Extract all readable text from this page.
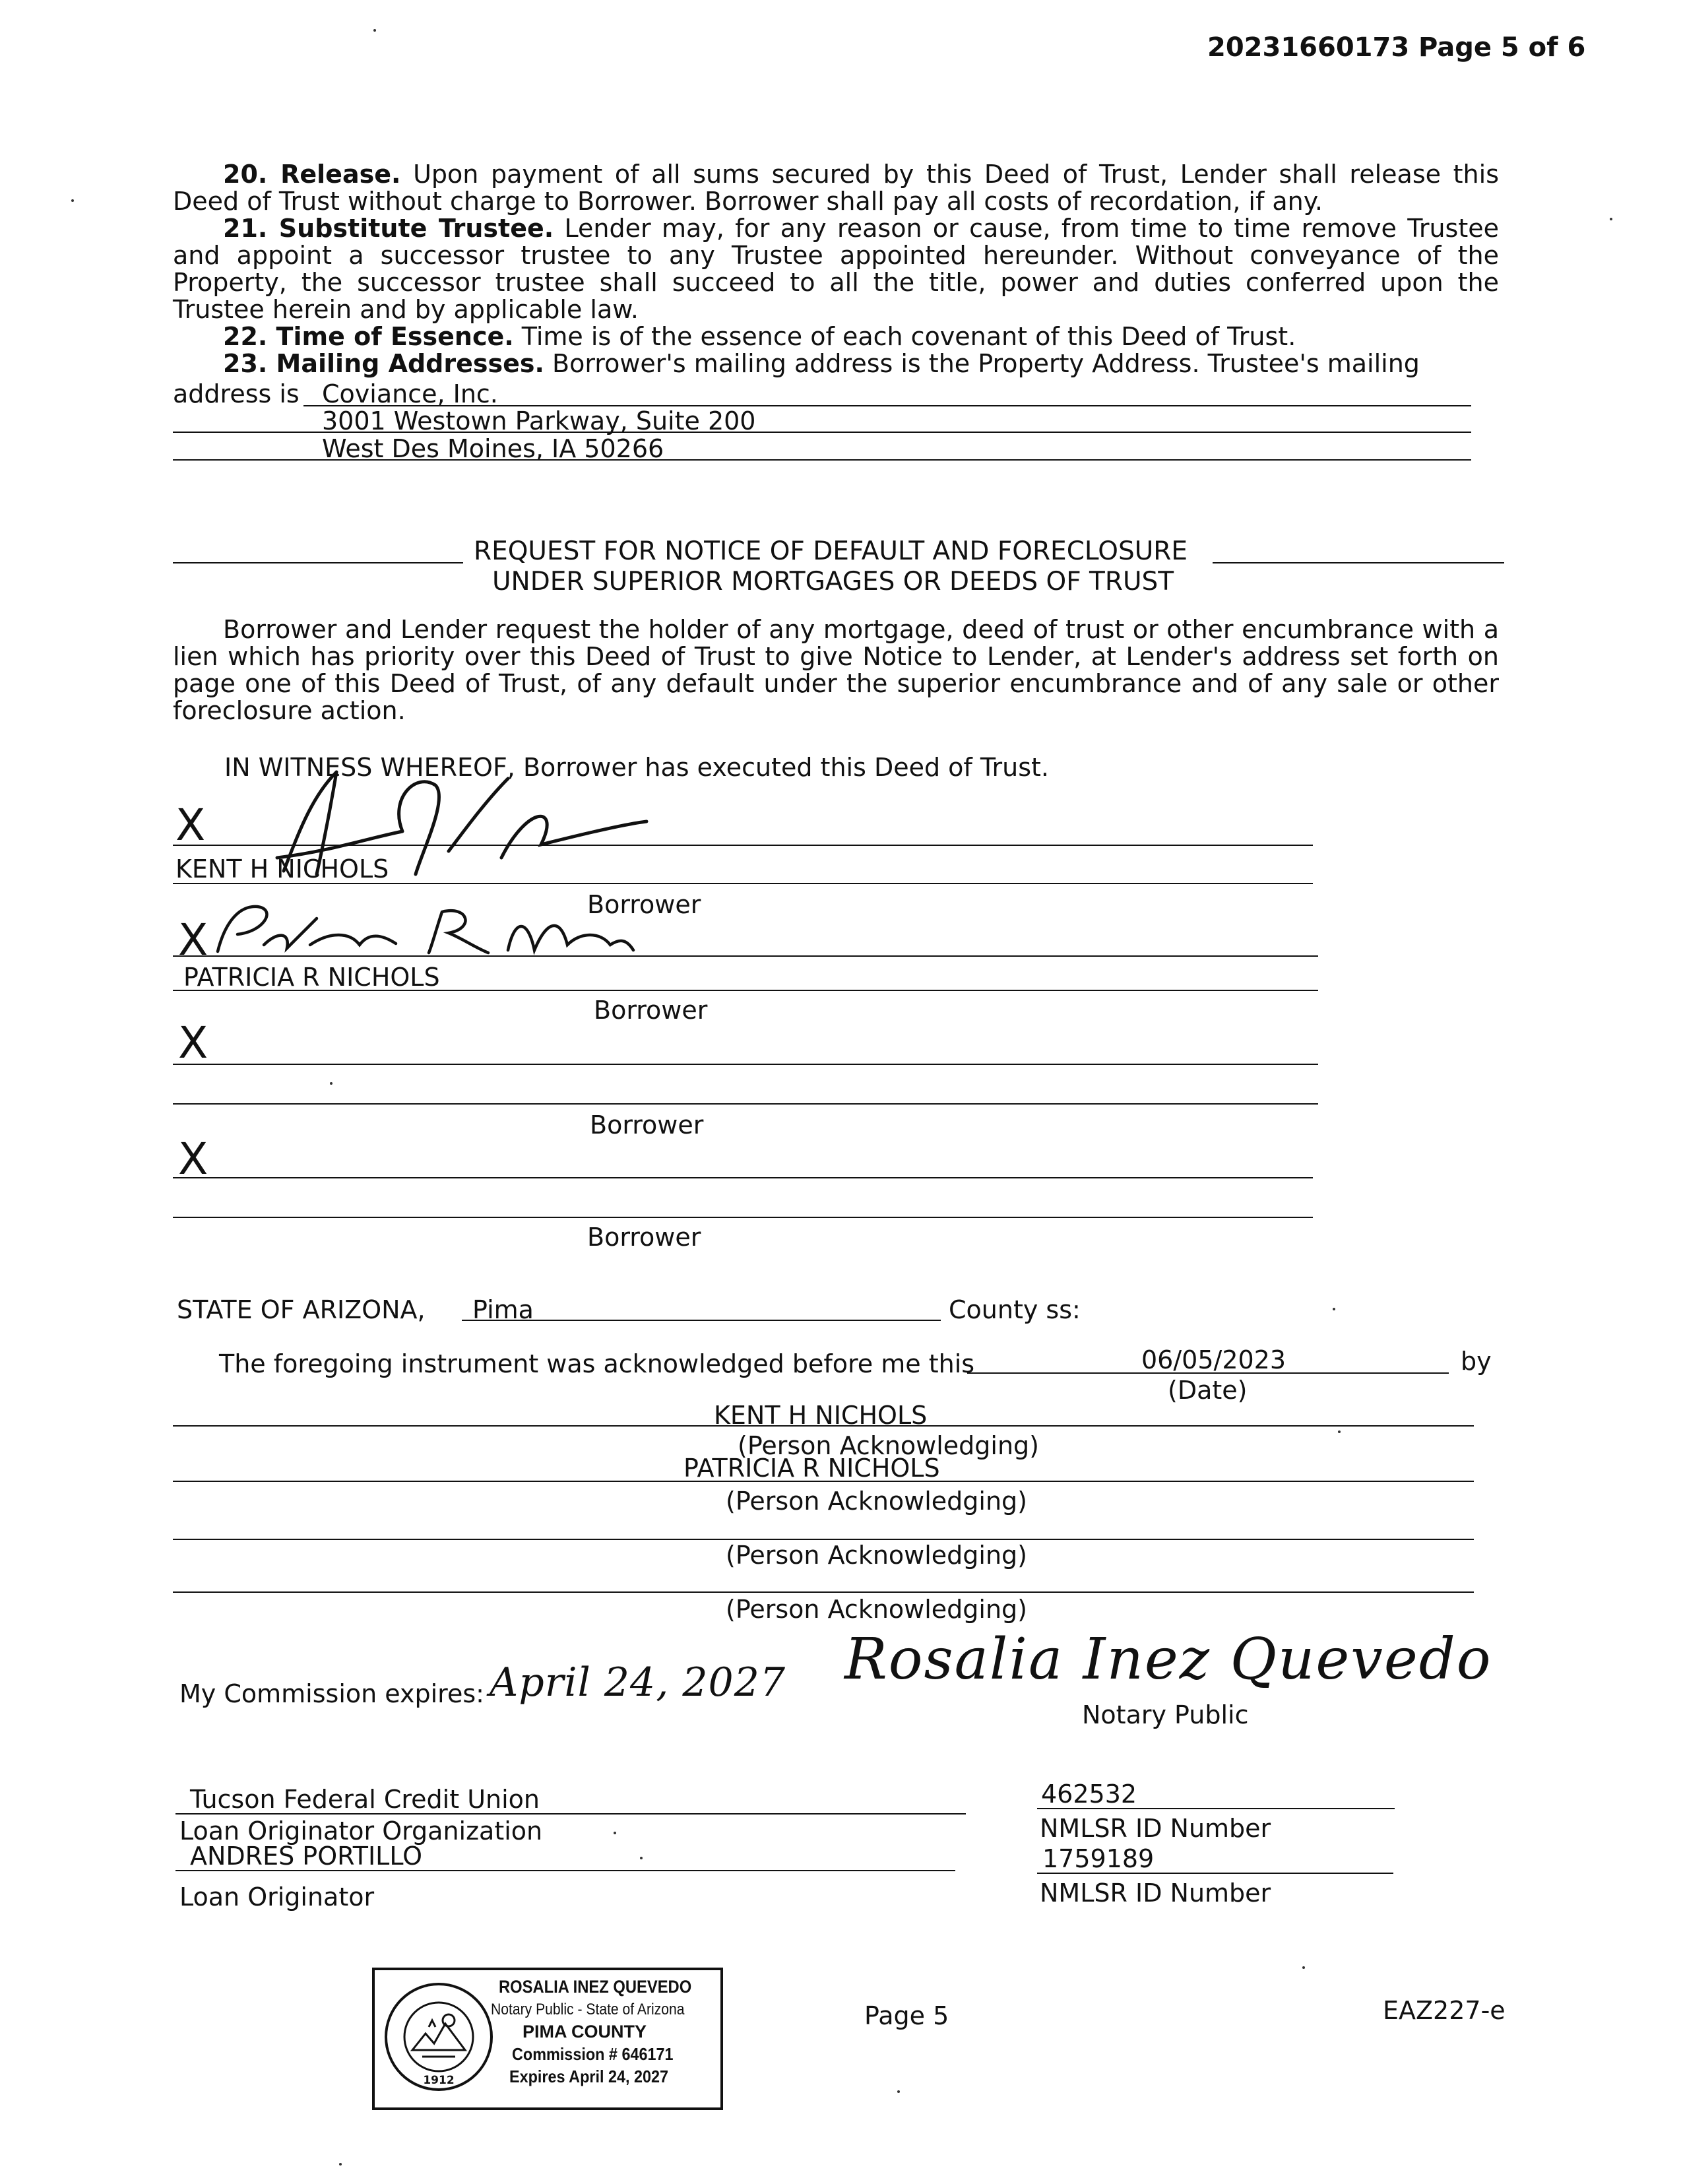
20231660173 Page 5 of 6
20. Release. Upon payment of all sums secured by this Deed of Trust, Lender shall release this Deed of Trust without charge to Borrower. Borrower shall pay all costs of recordation, if any.
21. Substitute Trustee. Lender may, for any reason or cause, from time to time remove Trustee and appoint a successor trustee to any Trustee appointed hereunder. Without conveyance of the Property, the successor trustee shall succeed to all the title, power and duties conferred upon the Trustee herein and by applicable law.
22. Time of Essence. Time is of the essence of each covenant of this Deed of Trust.
23. Mailing Addresses. Borrower's mailing address is the Property Address. Trustee's mailing
address is Coviance, Inc.
3001 Westown Parkway, Suite 200
West Des Moines, IA 50266
REQUEST FOR NOTICE OF DEFAULT AND FORECLOSURE
UNDER SUPERIOR MORTGAGES OR DEEDS OF TRUST
Borrower and Lender request the holder of any mortgage, deed of trust or other encumbrance with a lien which has priority over this Deed of Trust to give Notice to Lender, at Lender's address set forth on page one of this Deed of Trust, of any default under the superior encumbrance and of any sale or other foreclosure action.
IN WITNESS WHEREOF, Borrower has executed this Deed of Trust.
X
KENT H NICHOLS
Borrower
X
PATRICIA R NICHOLS
Borrower
X
Borrower
X
Borrower
STATE OF ARIZONA, Pima	County ss:
The foregoing instrument was acknowledged before me this	06/05/2023	by
(Date)
KENT H NICHOLS
(Person Acknowledging)
PATRICIA R NICHOLS
(Person Acknowledging)
(Person Acknowledging)
(Person Acknowledging)
My Commission expires: April 24, 2027 Rosalia Inez Quevedo
Notary Public
Tucson Federal Credit Union
Loan Originator Organization
462532
NMLSR ID Number
ANDRES PORTILLO
Loan Originator
1759189
NMLSR ID Number
1912
ROSALIA INEZ QUEVEDO
Notary Public - State of Arizona
PIMA COUNTY
Commission # 646171
Expires April 24, 2027
Page 5	EAZ227-e
